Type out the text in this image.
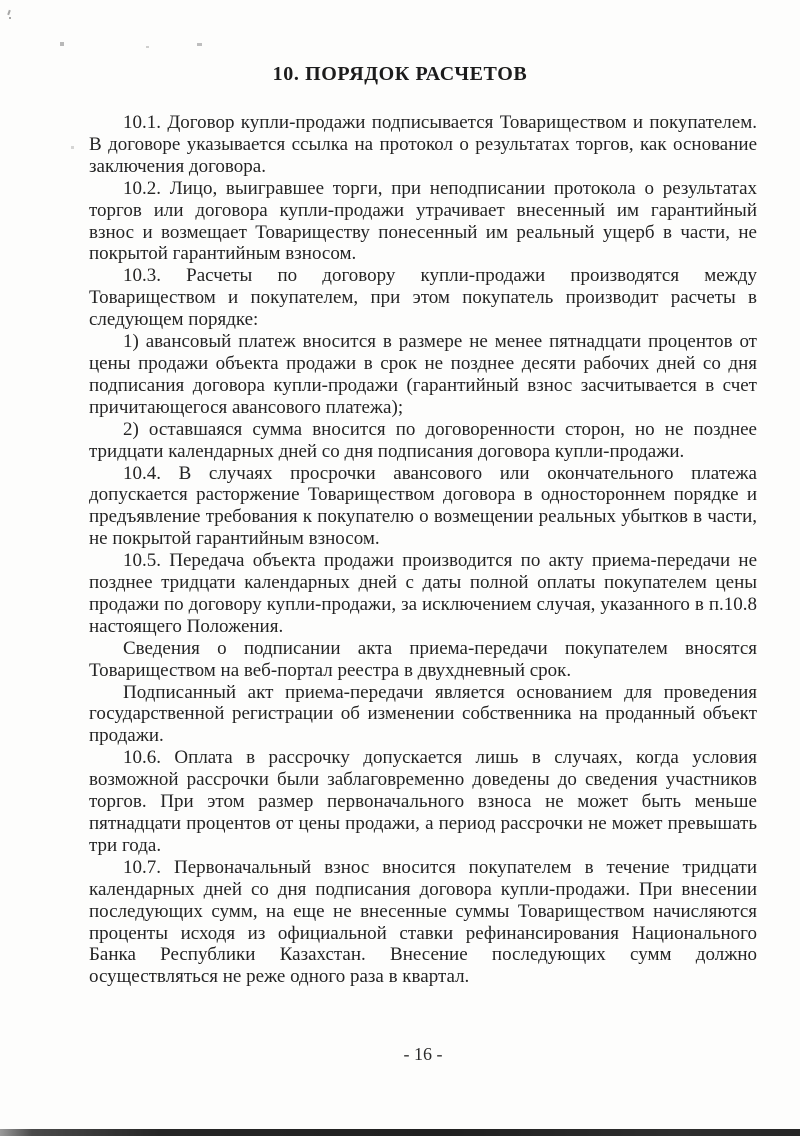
10. ПОРЯДОК РАСЧЕТОВ

10.1. Договор купли-продажи подписывается Товариществом и покупателем. В договоре указывается ссылка на протокол о результатах торгов, как основание заключения договора.

10.2. Лицо, выигравшее торги, при неподписании протокола о результатах торгов или договора купли-продажи утрачивает внесенный им гарантийный взнос и возмещает Товариществу понесенный им реальный ущерб в части, не покрытой гарантийным взносом.

10.3. Расчеты по договору купли-продажи производятся между Товариществом и покупателем, при этом покупатель производит расчеты в следующем порядке:

1) авансовый платеж вносится в размере не менее пятнадцати процентов от цены продажи объекта продажи в срок не позднее десяти рабочих дней со дня подписания договора купли-продажи (гарантийный взнос засчитывается в счет причитающегося авансового платежа);

2) оставшаяся сумма вносится по договоренности сторон, но не позднее тридцати календарных дней со дня подписания договора купли-продажи.

10.4. В случаях просрочки авансового или окончательного платежа допускается расторжение Товариществом договора в одностороннем порядке и предъявление требования к покупателю о возмещении реальных убытков в части, не покрытой гарантийным взносом.

10.5. Передача объекта продажи производится по акту приема-передачи не позднее тридцати календарных дней с даты полной оплаты покупателем цены продажи по договору купли-продажи, за исключением случая, указанного в п.10.8 настоящего Положения.

Сведения о подписании акта приема-передачи покупателем вносятся Товариществом на веб-портал реестра в двухдневный срок.

Подписанный акт приема-передачи является основанием для проведения государственной регистрации об изменении собственника на проданный объект продажи.

10.6. Оплата в рассрочку допускается лишь в случаях, когда условия возможной рассрочки были заблаговременно доведены до сведения участников торгов. При этом размер первоначального взноса не может быть меньше пятнадцати процентов от цены продажи, а период рассрочки не может превышать три года.

10.7. Первоначальный взнос вносится покупателем в течение тридцати календарных дней со дня подписания договора купли-продажи. При внесении последующих сумм, на еще не внесенные суммы Товариществом начисляются проценты исходя из официальной ставки рефинансирования Национального Банка Республики Казахстан. Внесение последующих сумм должно осуществляться не реже одного раза в квартал.

- 16 -
